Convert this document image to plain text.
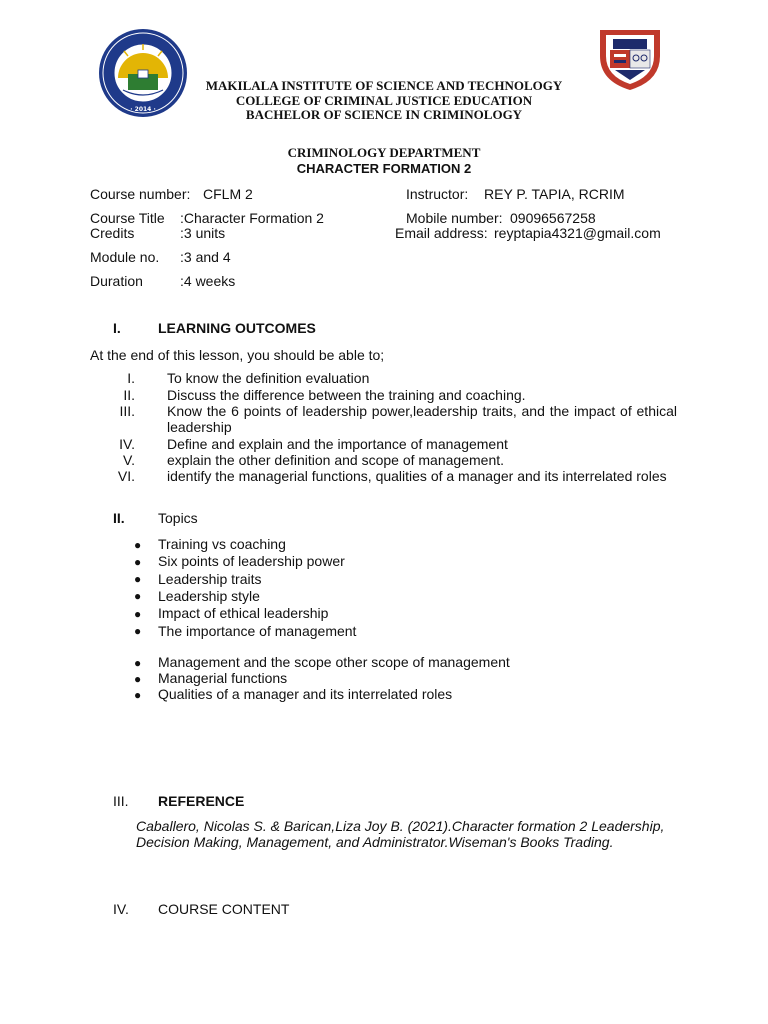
· 2014 ·
MAKILALA INSTITUTE OF SCIENCE AND TECHNOLOGY
COLLEGE OF CRIMINAL JUSTICE EDUCATION
BACHELOR OF SCIENCE IN CRIMINOLOGY
CRIMINOLOGY DEPARTMENT
CHARACTER FORMATION 2
Course number: CFLM 2	Instructor: REY P. TAPIA, RCRIM
Course Title :Character Formation 2	Mobile number: 09096567258
Credits	:3 units	Email address: reyptapia4321@gmail.com
Module no. :3 and 4
Duration	:4 weeks
I.	LEARNING OUTCOMES
At the end of this lesson, you should be able to;
I. To know the definition evaluation
II. Discuss the difference between the training and coaching.
III. Know the 6 points of leadership power,leadership traits, and the impact of ethical leadership
IV. Define and explain and the importance of management
V. explain the other definition and scope of management.
VI. identify the managerial functions, qualities of a manager and its interrelated roles
II. Topics
● Training vs coaching
● Six points of leadership power
● Leadership traits
● Leadership style
● Impact of ethical leadership
● The importance of management
● Management and the scope other scope of management
● Managerial functions
● Qualities of a manager and its interrelated roles
III. REFERENCE
Caballero, Nicolas S. & Barican,Liza Joy B. (2021).Character formation 2 Leadership, Decision Making, Management, and Administrator.Wiseman's Books Trading.
IV. COURSE CONTENT
